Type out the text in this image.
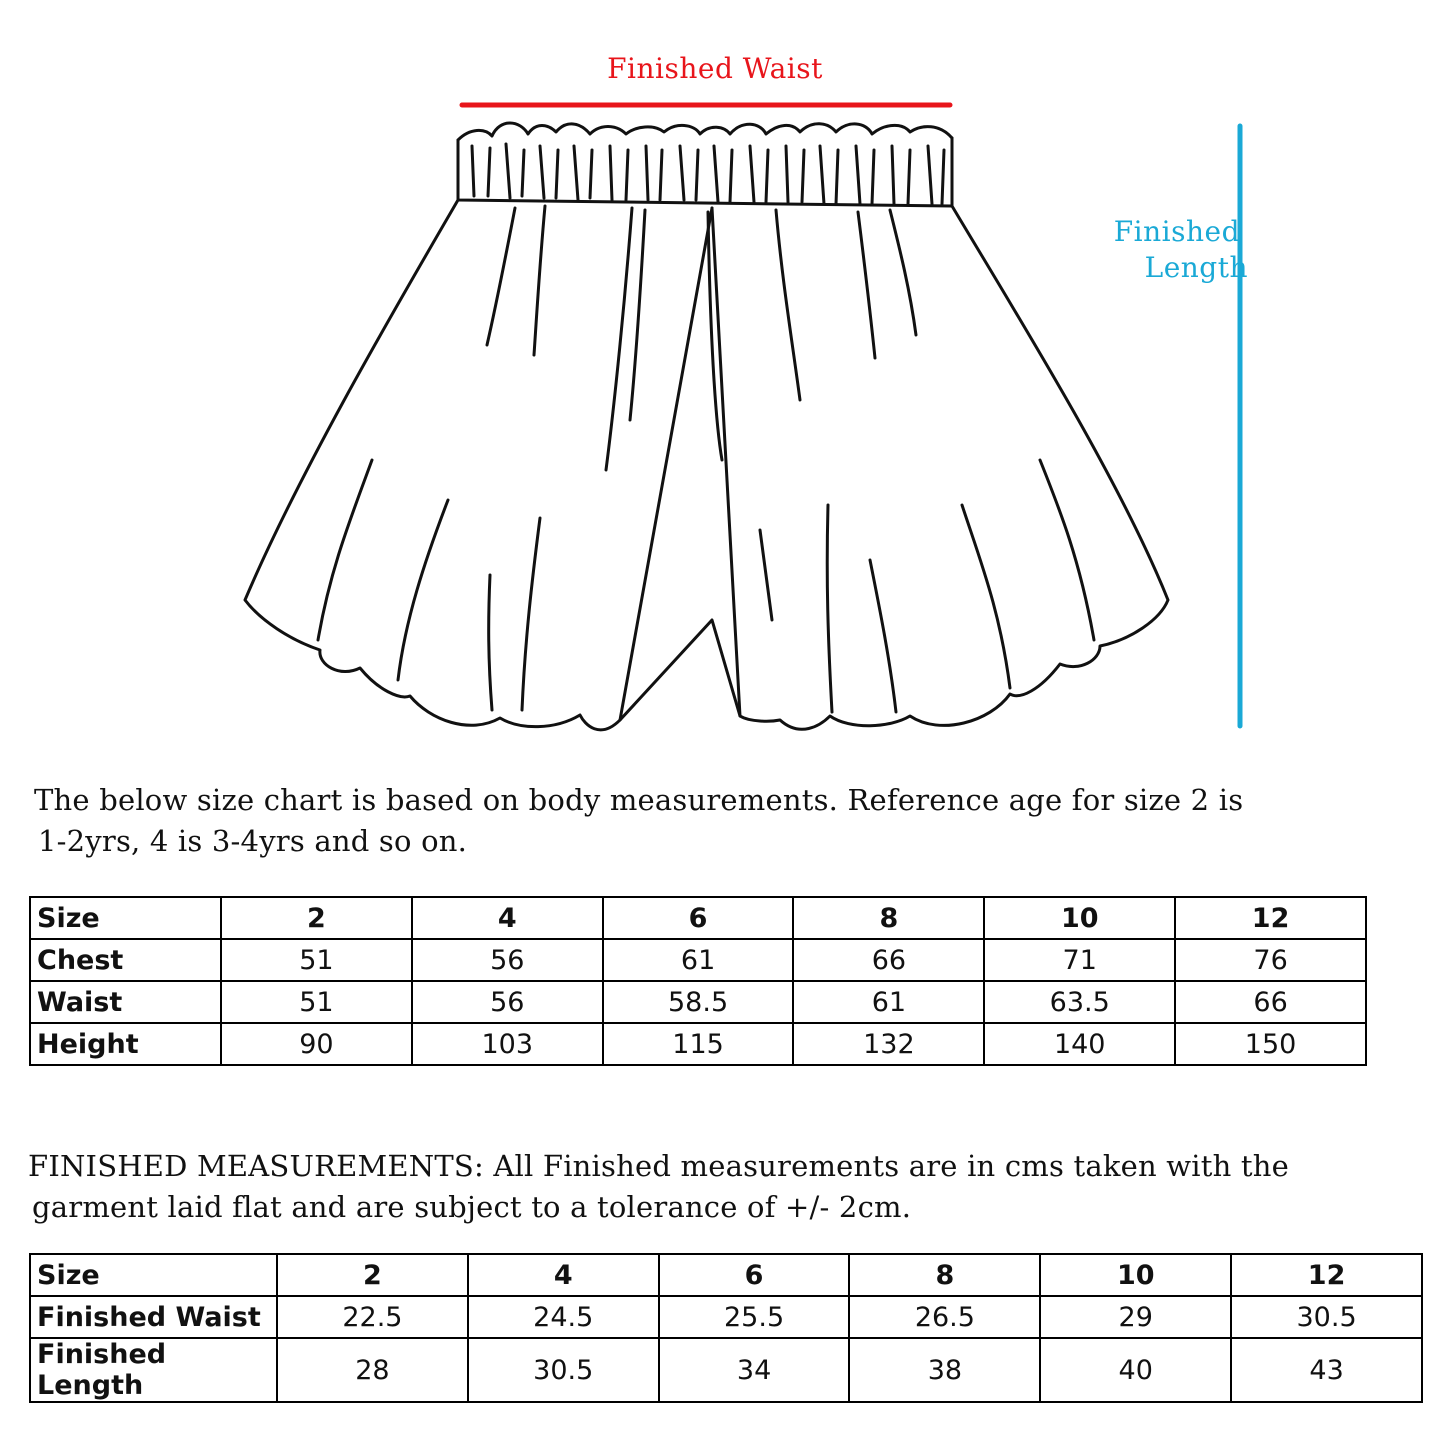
Finished Waist
Finished
Length
The below size chart is based on body measurements. Reference age for size 2 is
1-2yrs, 4 is 3-4yrs and so on.
Size	2	4	6	8	10	12
Chest	51	56	61	66	71	76
Waist	51	56	58.5	61	63.5	66
Height	90	103	115	132	140	150
FINISHED MEASUREMENTS: All Finished measurements are in cms taken with the
garment laid flat and are subject to a tolerance of +/- 2cm.
Size	2	4	6	8	10	12
Finished Waist	22.5	24.5	25.5	26.5	29	30.5
Finished Length	28	30.5	34	38	40	43
